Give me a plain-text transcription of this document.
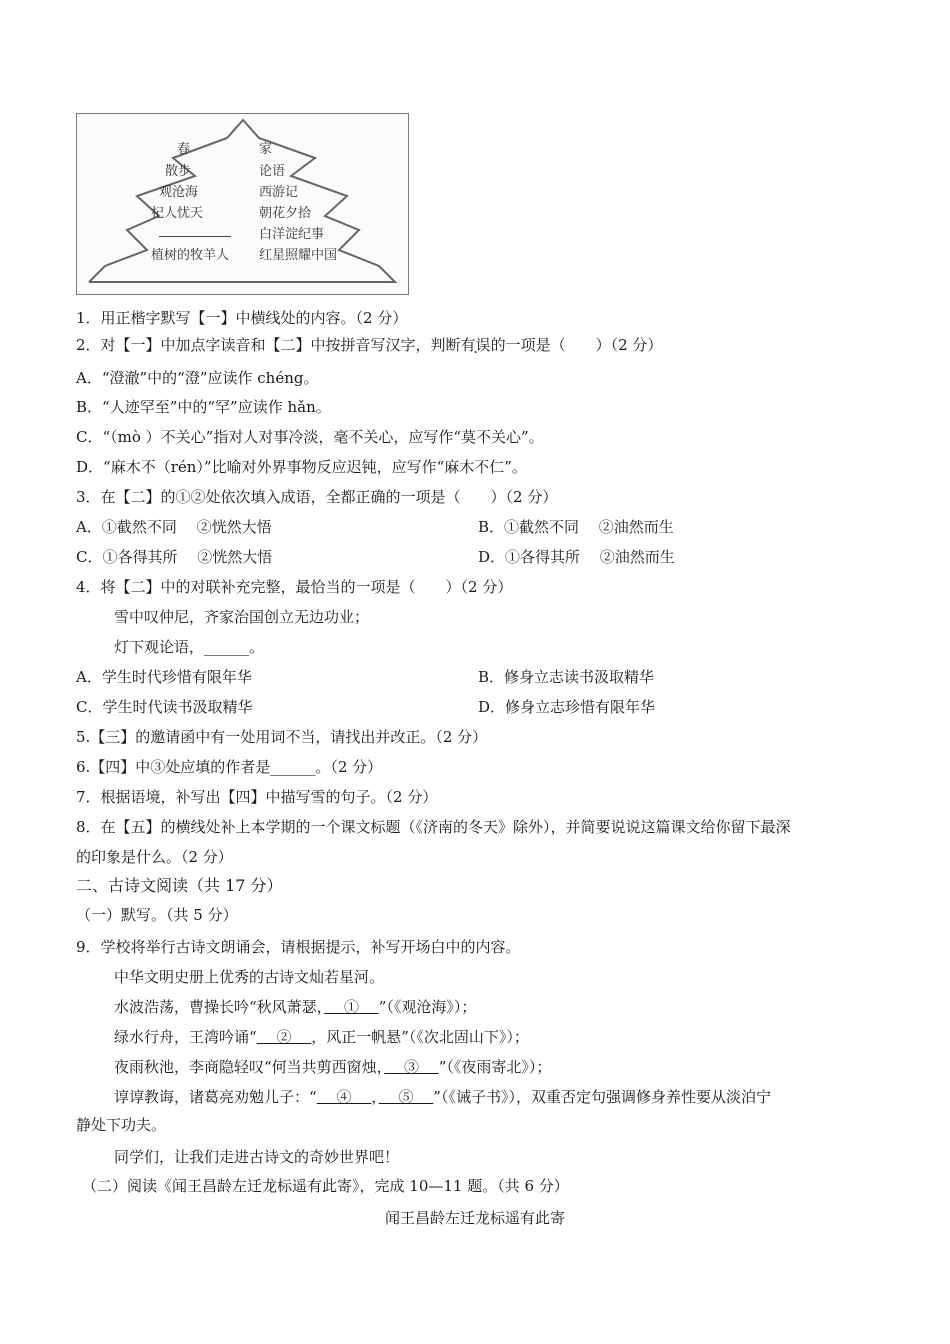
春
散步
观沧海
杞人忧天
植树的牧羊人
家
论语
西游记
朝花夕拾
白洋淀纪事
红星照耀中国
1．用正楷字默写【一】中横线处的内容。（2 分）
2．对【一】中加点字读音和【二】中按拼音写汉字，判断有误的一项是（　　）（2 分）
A．“澄澈”中的“澄”应读作 chéng。
B．“人迹罕至”中的“罕”应读作 hǎn。
C．“（mò ）不关心”指对人对事冷淡，毫不关心，应写作“莫不关心”。
D．“麻木不（rén）”比喻对外界事物反应迟钝，应写作“麻木不仁”。
3．在【二】的①②处依次填入成语，全都正确的一项是（　　）（2 分）
A．①截然不同　 ②恍然大悟	B．①截然不同　 ②油然而生
C．①各得其所　 ②恍然大悟	D．①各得其所　 ②油然而生
4．将【二】中的对联补充完整，最恰当的一项是（　　）（2 分）
雪中叹仲尼，齐家治国创立无边功业；
灯下观论语，______。
A．学生时代珍惜有限年华	B．修身立志读书汲取精华
C．学生时代读书汲取精华	D．修身立志珍惜有限年华
5.【三】的邀请函中有一处用词不当，请找出并改正。（2 分）
6.【四】中③处应填的作者是______。（2 分）
7．根据语境，补写出【四】中描写雪的句子。（2 分）
8．在【五】的横线处补上本学期的一个课文标题（《济南的冬天》除外），并简要说说这篇课文给你留下最深
的印象是什么。（2 分）
二、古诗文阅读（共 17 分）
（一）默写。（共 5 分）
9．学校将举行古诗文朗诵会，请根据提示，补写开场白中的内容。
中华文明史册上优秀的古诗文灿若星河。
水波浩荡，曹操长吟“秋风萧瑟，　 ①　 ”（《观沧海》）；
绿水行舟，王湾吟诵“　 ②　 ，风正一帆悬”（《次北固山下》）；
夜雨秋池，李商隐轻叹“何当共剪西窗烛，　 ③　 ”（《夜雨寄北》）；
谆谆教诲，诸葛亮劝勉儿子：“　 ④　 ，　 ⑤　 ”（《诫子书》），双重否定句强调修身养性要从淡泊宁
静处下功夫。
同学们，让我们走进古诗文的奇妙世界吧！
（二）阅读《闻王昌龄左迁龙标遥有此寄》，完成 10—11 题。（共 6 分）
闻王昌龄左迁龙标遥有此寄
